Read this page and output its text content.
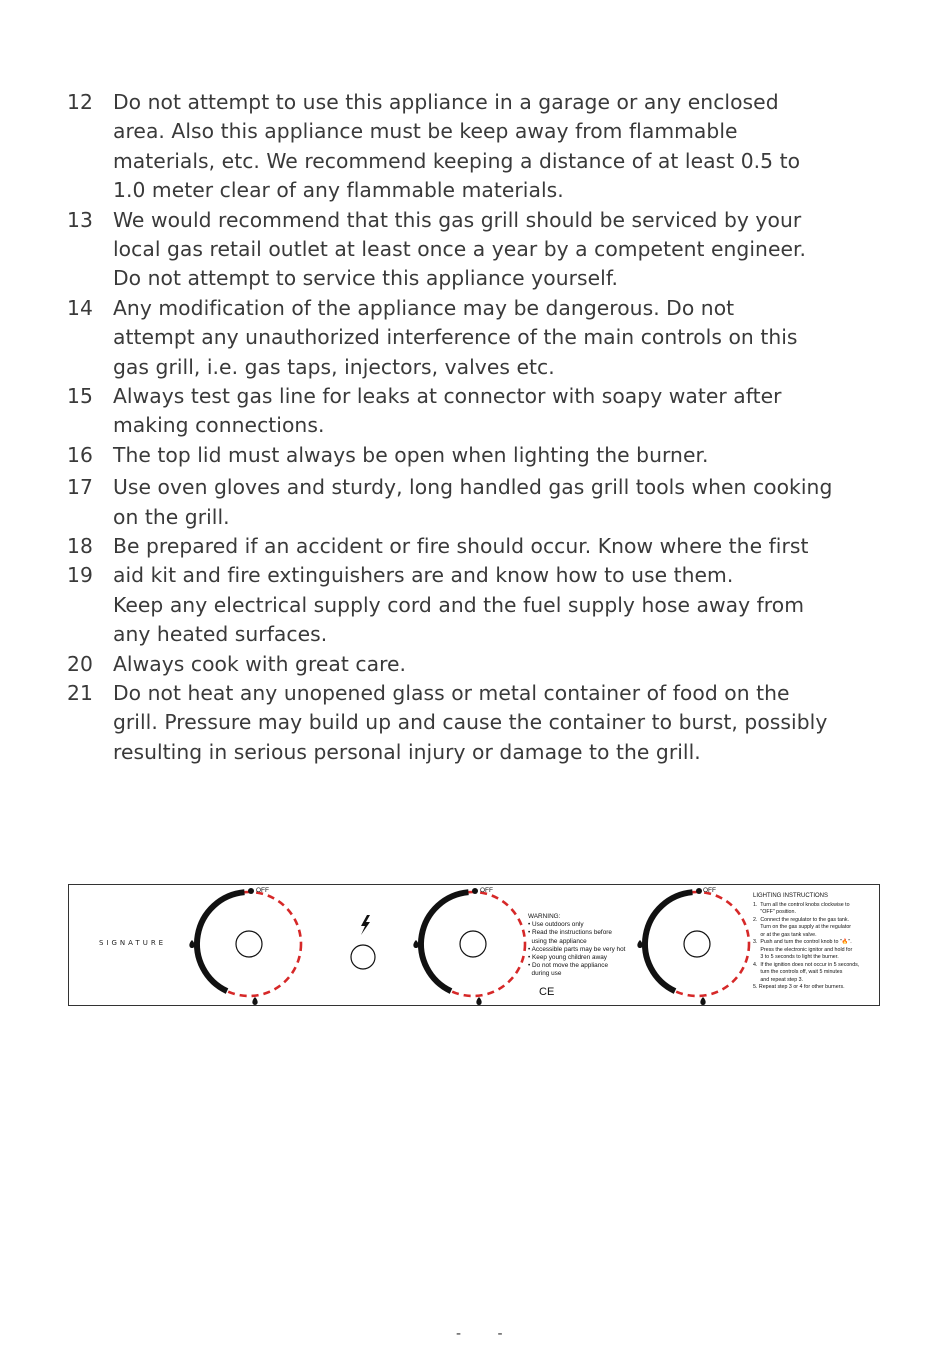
12 Do not attempt to use this appliance in a garage or any enclosed
area. Also this appliance must be keep away from flammable
materials, etc. We recommend keeping a distance of at least 0.5 to
1.0 meter clear of any flammable materials.
13 We would recommend that this gas grill should be serviced by your
local gas retail outlet at least once a year by a competent engineer.
Do not attempt to service this appliance yourself.
14 Any modification of the appliance may be dangerous. Do not
attempt any unauthorized interference of the main controls on this
gas grill, i.e. gas taps, injectors, valves etc.
15 Always test gas line for leaks at connector with soapy water after
making connections.
16 The top lid must always be open when lighting the burner.
17 Use oven gloves and sturdy, long handled gas grill tools when cooking
on the grill.
18 Be prepared if an accident or fire should occur. Know where the first
19 aid kit and fire extinguishers are and know how to use them.
Keep any electrical supply cord and the fuel supply hose away from
any heated surfaces.
20 Always cook with great care.
21 Do not heat any unopened glass or metal container of food on the
grill. Pressure may build up and cause the container to burst, possibly
resulting in serious personal injury or damage to the grill.
SIGNATURE
WARNING:
• Use outdoors only
• Read the instructions before
using the appliance
• Accessible parts may be very hot
• Keep young children away
• Do not move the appliance
during use
CE
LIGHTING INSTRUCTIONS
1.  Turn all the control knobs clockwise to
"OFF" position.
2.  Connect the regulator to the gas tank.
Turn on the gas supply at the regulator
or at the gas tank valve.
3.  Push and turn the control knob to "🔥".
Press the electronic ignitor and hold for
3 to 5 seconds to light the burner.
4.  If the ignition does not occur in 5 seconds,
turn the controls off, wait 5 minutes
and repeat step 3.
5. Repeat step 3 or 4 for other burners.
OFF	OFF	OFF
- -
